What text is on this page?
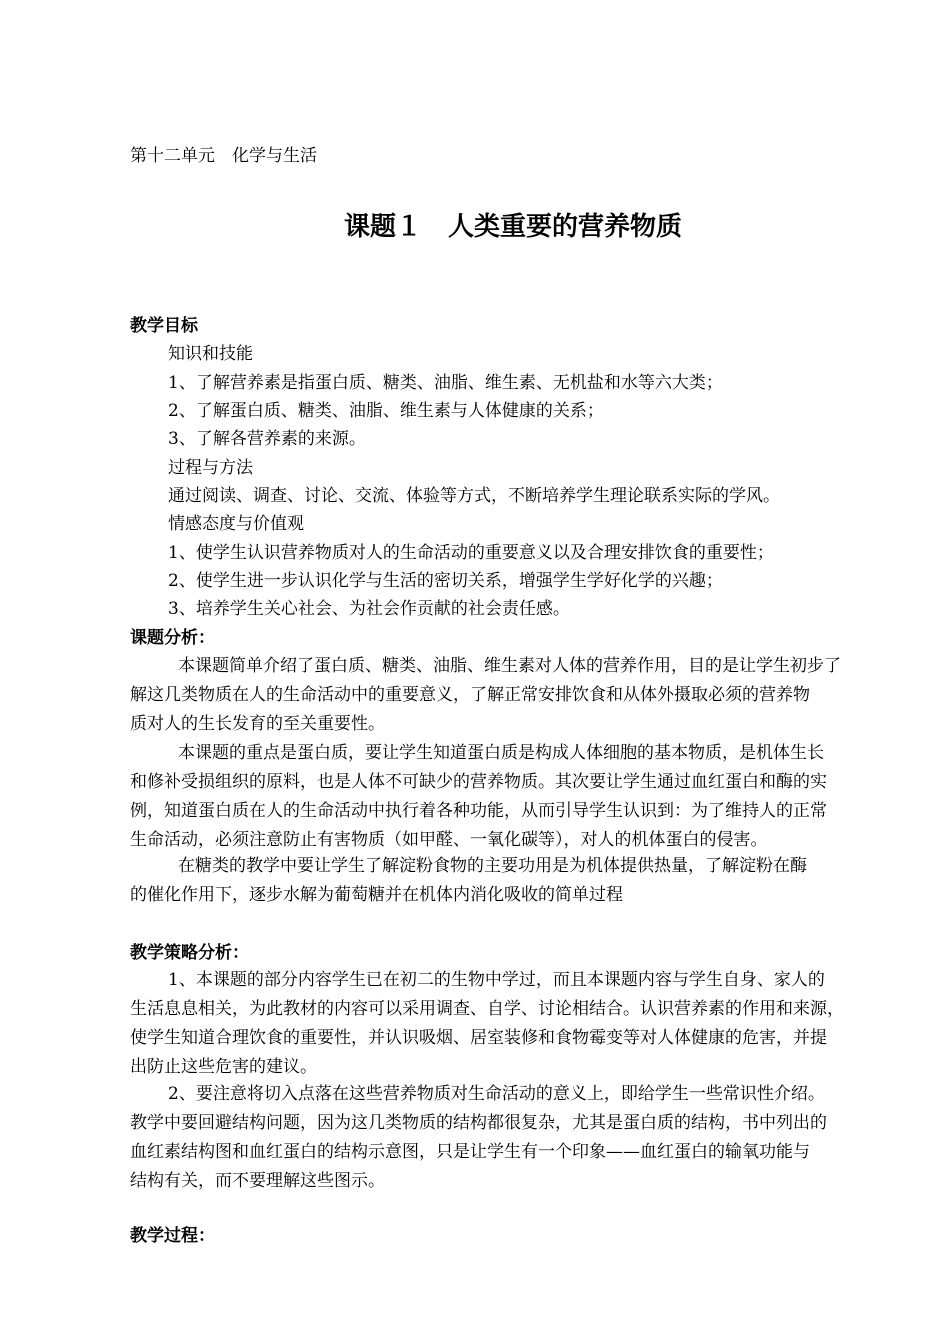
第十二单元　化学与生活
课题１　人类重要的营养物质
教学目标
知识和技能
1、了解营养素是指蛋白质、糖类、油脂、维生素、无机盐和水等六大类；
2、了解蛋白质、糖类、油脂、维生素与人体健康的关系；
3、了解各营养素的来源。
过程与方法
通过阅读、调查、讨论、交流、体验等方式，不断培养学生理论联系实际的学风。
情感态度与价值观
1、使学生认识营养物质对人的生命活动的重要意义以及合理安排饮食的重要性；
2、使学生进一步认识化学与生活的密切关系，增强学生学好化学的兴趣；
3、培养学生关心社会、为社会作贡献的社会责任感。
课题分析：
本课题简单介绍了蛋白质、糖类、油脂、维生素对人体的营养作用，目的是让学生初步了
解这几类物质在人的生命活动中的重要意义，了解正常安排饮食和从体外摄取必须的营养物
质对人的生长发育的至关重要性。
本课题的重点是蛋白质，要让学生知道蛋白质是构成人体细胞的基本物质，是机体生长
和修补受损组织的原料，也是人体不可缺少的营养物质。其次要让学生通过血红蛋白和酶的实
例，知道蛋白质在人的生命活动中执行着各种功能，从而引导学生认识到：为了维持人的正常
生命活动，必须注意防止有害物质（如甲醛、一氧化碳等），对人的机体蛋白的侵害。
在糖类的教学中要让学生了解淀粉食物的主要功用是为机体提供热量，了解淀粉在酶
的催化作用下，逐步水解为葡萄糖并在机体内消化吸收的简单过程
教学策略分析：
1、本课题的部分内容学生已在初二的生物中学过，而且本课题内容与学生自身、家人的
生活息息相关，为此教材的内容可以采用调查、自学、讨论相结合。认识营养素的作用和来源，
使学生知道合理饮食的重要性，并认识吸烟、居室装修和食物霉变等对人体健康的危害，并提
出防止这些危害的建议。
2、要注意将切入点落在这些营养物质对生命活动的意义上，即给学生一些常识性介绍。
教学中要回避结构问题，因为这几类物质的结构都很复杂，尤其是蛋白质的结构，书中列出的
血红素结构图和血红蛋白的结构示意图，只是让学生有一个印象——血红蛋白的输氧功能与
结构有关，而不要理解这些图示。
教学过程：
